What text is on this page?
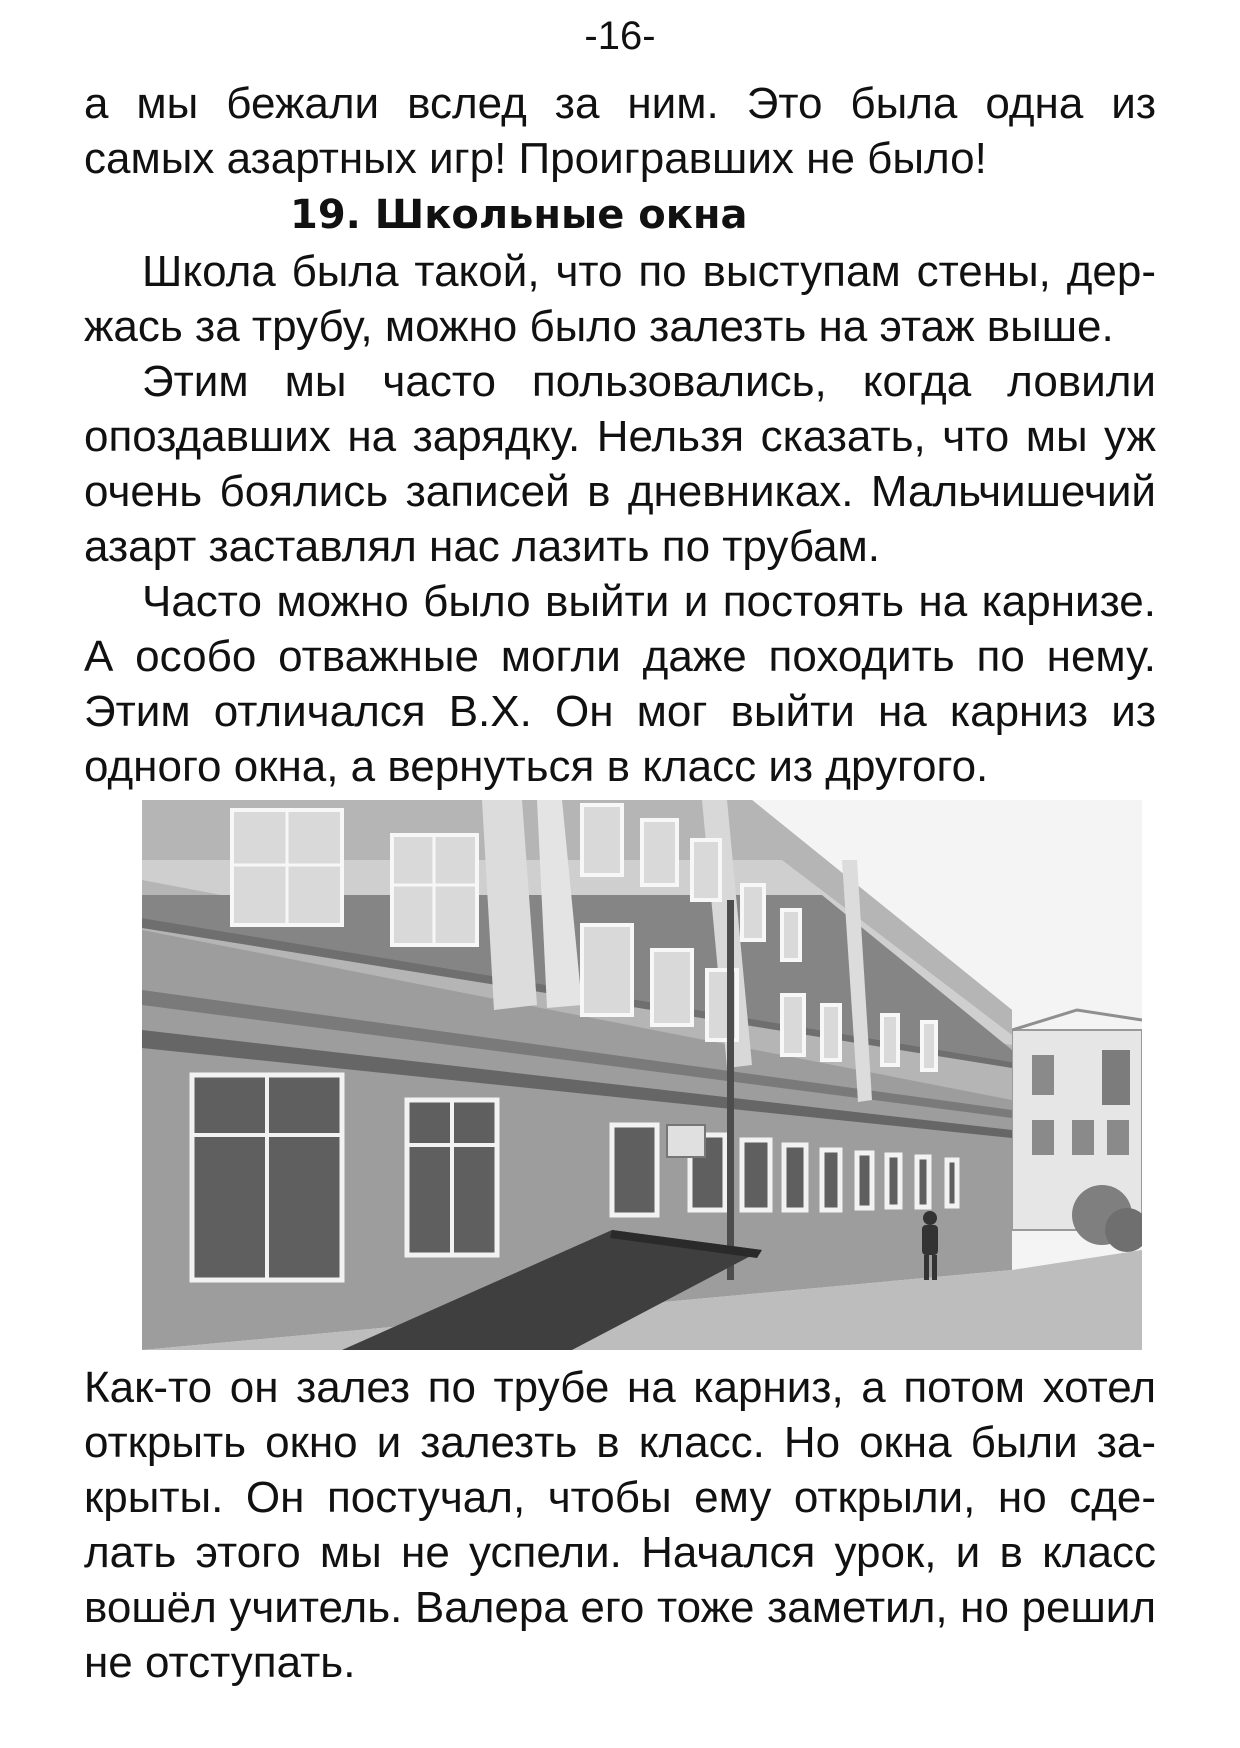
-16-

а мы бежали вслед за ним. Это была одна из самых азартных игр! Проигравших не было!

19. Школьные окна

Школа была такой, что по выступам стены, держась за трубу, можно было залезть на этаж выше.

Этим мы часто пользовались, когда ловили опоздавших на зарядку. Нельзя сказать, что мы уж очень боялись записей в дневниках. Мальчишечий азарт заставлял нас лазить по трубам.

Часто можно было выйти и постоять на карнизе. А особо отважные могли даже походить по нему. Этим отличался В.Х. Он мог выйти на карниз из одного окна, а вернуться в класс из другого.

Как-то он залез по трубе на карниз, а потом хотел открыть окно и залезть в класс. Но окна были закрыты. Он постучал, чтобы ему открыли, но сделать этого мы не успели. Начался урок, и в класс вошёл учитель. Валера его тоже заметил, но решил не отступать.
